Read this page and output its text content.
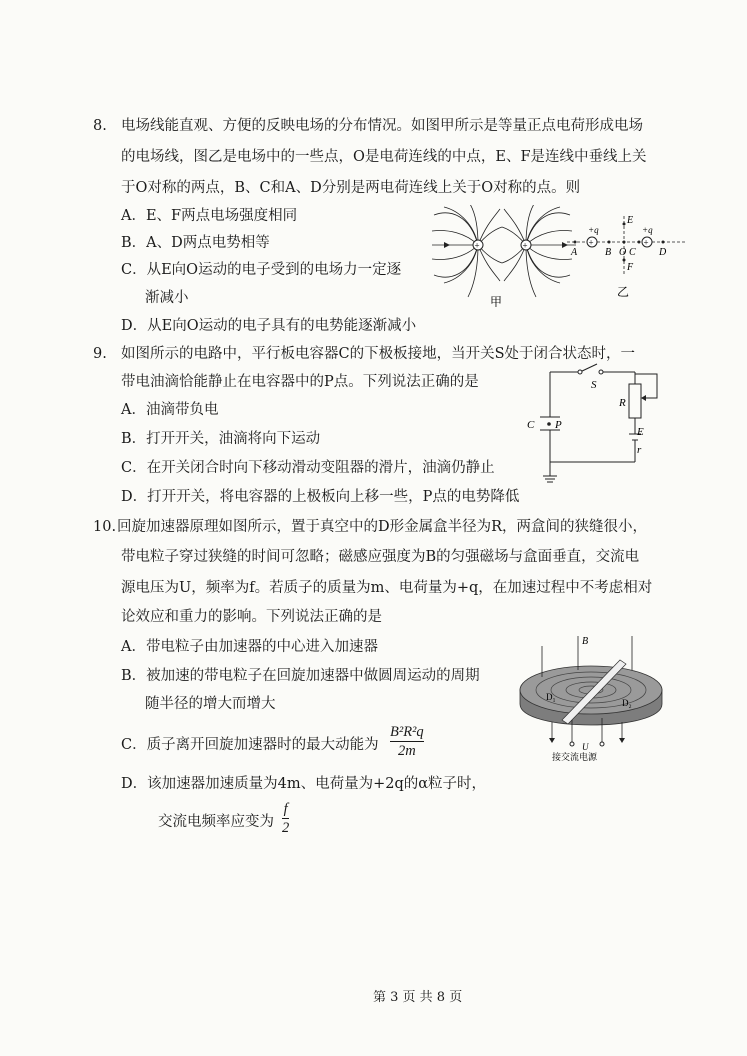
8. 电场线能直观、方便的反映电场的分布情况。如图甲所示是等量正点电荷形成电场
的电场线，图乙是电场中的一些点，O是电荷连线的中点，E、F是连线中垂线上关
于O对称的两点，B、C和A、D分别是两电荷连线上关于O对称的点。则
A．E、F两点电场强度相同
B．A、D两点电势相等
C．从E向O运动的电子受到的电场力一定逐
渐减小
D．从E向O运动的电子具有的电势能逐渐减小
+	+
甲
+	+
+q	+q
A	B O C D
E
F
乙
9. 如图所示的电路中，平行板电容器C的下极板接地，当开关S处于闭合状态时，一
带电油滴恰能静止在电容器中的P点。下列说法正确的是
A．油滴带负电
B．打开开关，油滴将向下运动
C．在开关闭合时向下移动滑动变阻器的滑片，油滴仍静止
D．打开开关，将电容器的上极板向上移一些，P点的电势降低
S
R
C P
E
r
10. 回旋加速器原理如图所示，置于真空中的D形金属盒半径为R，两盒间的狭缝很小，
带电粒子穿过狭缝的时间可忽略；磁感应强度为B的匀强磁场与盒面垂直，交流电
源电压为U，频率为f。若质子的质量为m、电荷量为+q，在加速过程中不考虑相对
论效应和重力的影响。下列说法正确的是
A．带电粒子由加速器的中心进入加速器
B．被加速的带电粒子在回旋加速器中做圆周运动的周期
随半径的增大而增大
C．质子离开回旋加速器时的最大动能为
B²R²q
2m
D．该加速器加速质量为4m、电荷量为+2q的α粒子时，
交流电频率应变为
f
2
B
D₁
D₂
U
接交流电源
第 3 页 共 8 页
